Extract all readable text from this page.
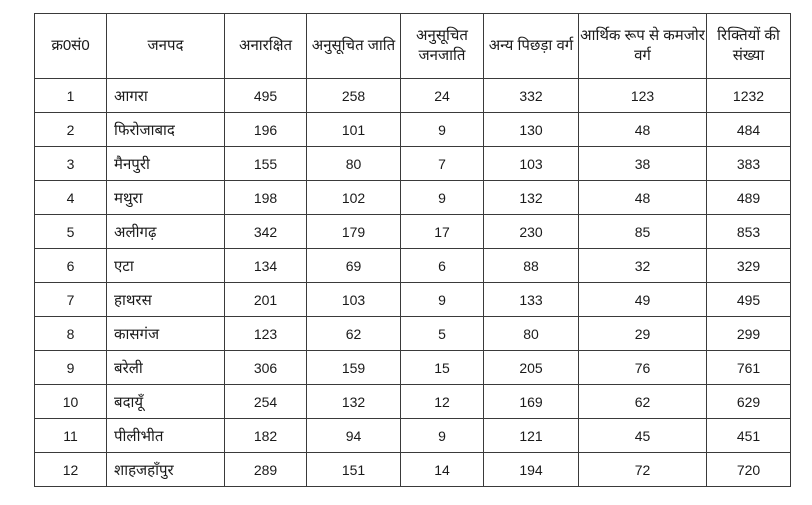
क्र0सं0	जनपद	अनारक्षित	अनुसूचित जाति	अनुसूचित जनजाति	अन्य पिछड़ा वर्ग	आर्थिक रूप से कमजोर वर्ग	रिक्तियों की संख्या
1	आगरा	495	258	24	332	123	1232
2	फिरोजाबाद	196	101	9	130	48	484
3	मैनपुरी	155	80	7	103	38	383
4	मथुरा	198	102	9	132	48	489
5	अलीगढ़	342	179	17	230	85	853
6	एटा	134	69	6	88	32	329
7	हाथरस	201	103	9	133	49	495
8	कासगंज	123	62	5	80	29	299
9	बरेली	306	159	15	205	76	761
10	बदायूँ	254	132	12	169	62	629
11	पीलीभीत	182	94	9	121	45	451
12	शाहजहाँपुर	289	151	14	194	72	720
